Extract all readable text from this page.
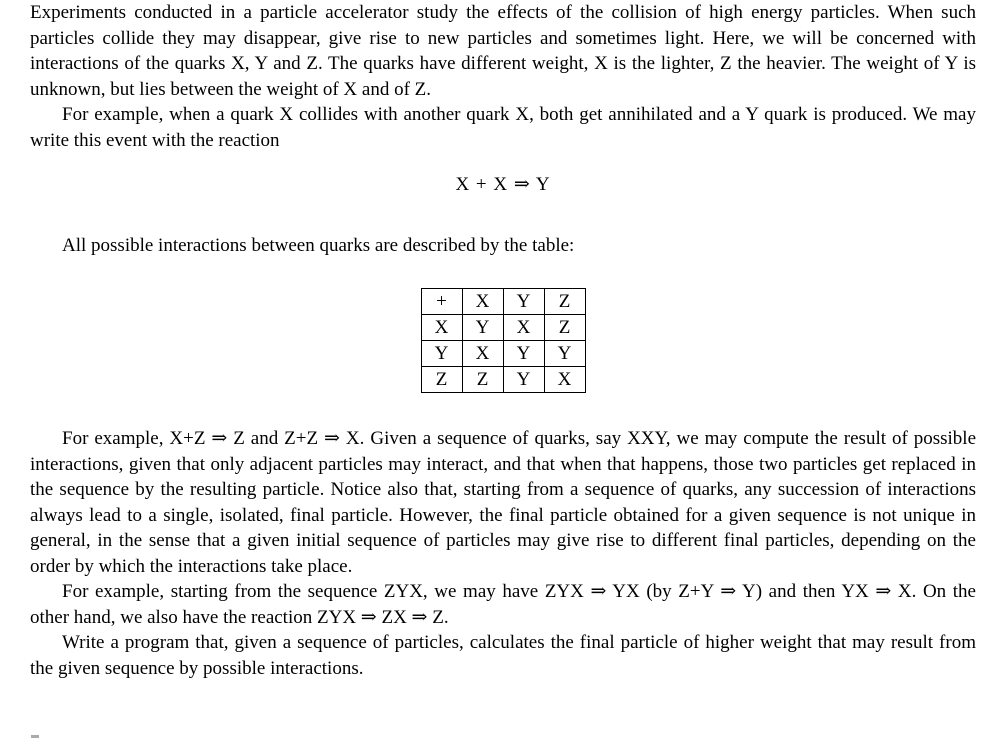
Experiments conducted in a particle accelerator study the effects of the collision of high energy particles. When such particles collide they may disappear, give rise to new particles and sometimes light. Here, we will be concerned with interactions of the quarks X, Y and Z. The quarks have different weight, X is the lighter, Z the heavier. The weight of Y is unknown, but lies between the weight of X and of Z.

For example, when a quark X collides with another quark X, both get annihilated and a Y quark is produced. We may write this event with the reaction

X + X ⇒ Y

All possible interactions between quarks are described by the table:

+	X	Y	Z
X	Y	X	Z
Y	X	Y	Y
Z	Z	Y	X

For example, X+Z ⇒ Z and Z+Z ⇒ X. Given a sequence of quarks, say XXY, we may compute the result of possible interactions, given that only adjacent particles may interact, and that when that happens, those two particles get replaced in the sequence by the resulting particle. Notice also that, starting from a sequence of quarks, any succession of interactions always lead to a single, isolated, final particle. However, the final particle obtained for a given sequence is not unique in general, in the sense that a given initial sequence of particles may give rise to different final particles, depending on the order by which the interactions take place.

For example, starting from the sequence ZYX, we may have ZYX ⇒ YX (by Z+Y ⇒ Y) and then YX ⇒ X. On the other hand, we also have the reaction ZYX ⇒ ZX ⇒ Z.

Write a program that, given a sequence of particles, calculates the final particle of higher weight that may result from the given sequence by possible interactions.
